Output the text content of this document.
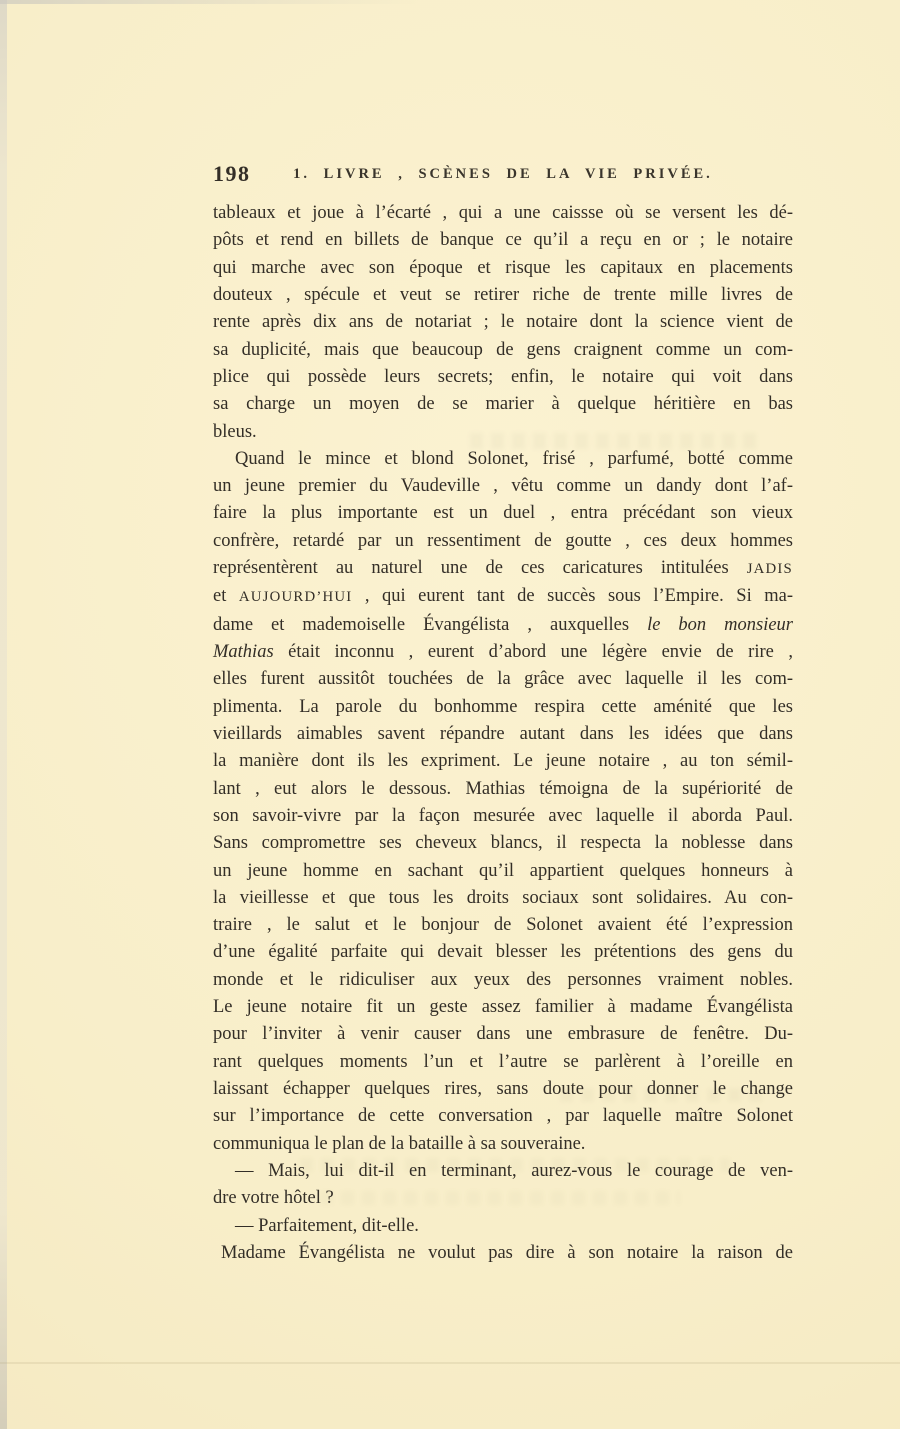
198	1. LIVRE , SCÈNES DE LA VIE PRIVÉE.
tableaux et joue à l’écarté , qui a une caissse où se versent les dé-
pôts et rend en billets de banque ce qu’il a reçu en or ; le notaire
qui marche avec son époque et risque les capitaux en placements
douteux , spécule et veut se retirer riche de trente mille livres de
rente après dix ans de notariat ; le notaire dont la science vient de
sa duplicité, mais que beaucoup de gens craignent comme un com-
plice qui possède leurs secrets; enfin, le notaire qui voit dans
sa charge un moyen de se marier à quelque héritière en bas
bleus.
Quand le mince et blond Solonet, frisé , parfumé, botté comme
un jeune premier du Vaudeville , vêtu comme un dandy dont l’af-
faire la plus importante est un duel , entra précédant son vieux
confrère, retardé par un ressentiment de goutte , ces deux hommes
représentèrent au naturel une de ces caricatures intitulées JADIS
et AUJOURD’HUI , qui eurent tant de succès sous l’Empire. Si ma-
dame et mademoiselle Évangélista , auxquelles le bon monsieur
Mathias était inconnu , eurent d’abord une légère envie de rire ,
elles furent aussitôt touchées de la grâce avec laquelle il les com-
plimenta. La parole du bonhomme respira cette aménité que les
vieillards aimables savent répandre autant dans les idées que dans
la manière dont ils les expriment. Le jeune notaire , au ton sémil-
lant , eut alors le dessous. Mathias témoigna de la supériorité de
son savoir-vivre par la façon mesurée avec laquelle il aborda Paul.
Sans compromettre ses cheveux blancs, il respecta la noblesse dans
un jeune homme en sachant qu’il appartient quelques honneurs à
la vieillesse et que tous les droits sociaux sont solidaires. Au con-
traire , le salut et le bonjour de Solonet avaient été l’expression
d’une égalité parfaite qui devait blesser les prétentions des gens du
monde et le ridiculiser aux yeux des personnes vraiment nobles.
Le jeune notaire fit un geste assez familier à madame Évangélista
pour l’inviter à venir causer dans une embrasure de fenêtre. Du-
rant quelques moments l’un et l’autre se parlèrent à l’oreille en
laissant échapper quelques rires, sans doute pour donner le change
sur l’importance de cette conversation , par laquelle maître Solonet
communiqua le plan de la bataille à sa souveraine.
— Mais, lui dit-il en terminant, aurez-vous le courage de ven-
dre votre hôtel ?
— Parfaitement, dit-elle.
Madame Évangélista ne voulut pas dire à son notaire la raison de
